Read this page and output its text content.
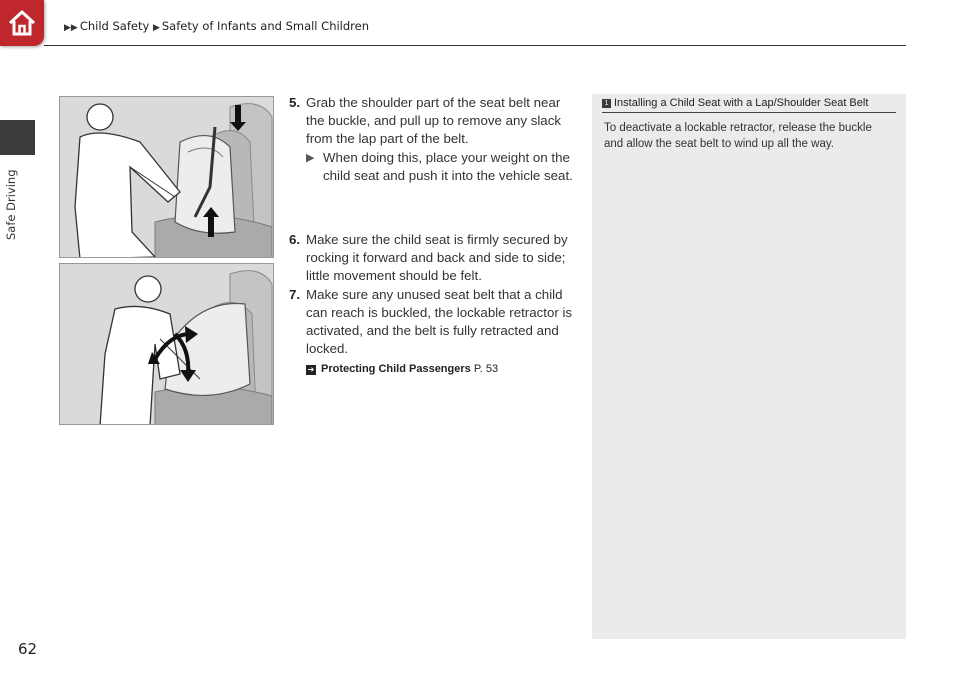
▶▶ Child Safety ▶ Safety of Infants and Small Children
Safe Driving
62
5. Grab the shoulder part of the seat belt near the buckle, and pull up to remove any slack from the lap part of the belt.
▶ When doing this, place your weight on the child seat and push it into the vehicle seat.
6. Make sure the child seat is firmly secured by rocking it forward and back and side to side; little movement should be felt.
7. Make sure any unused seat belt that a child can reach is buckled, the lockable retractor is activated, and the belt is fully retracted and locked.
➔ Protecting Child Passengers P. 53
1 Installing a Child Seat with a Lap/Shoulder Seat Belt
To deactivate a lockable retractor, release the buckle and allow the seat belt to wind up all the way.
